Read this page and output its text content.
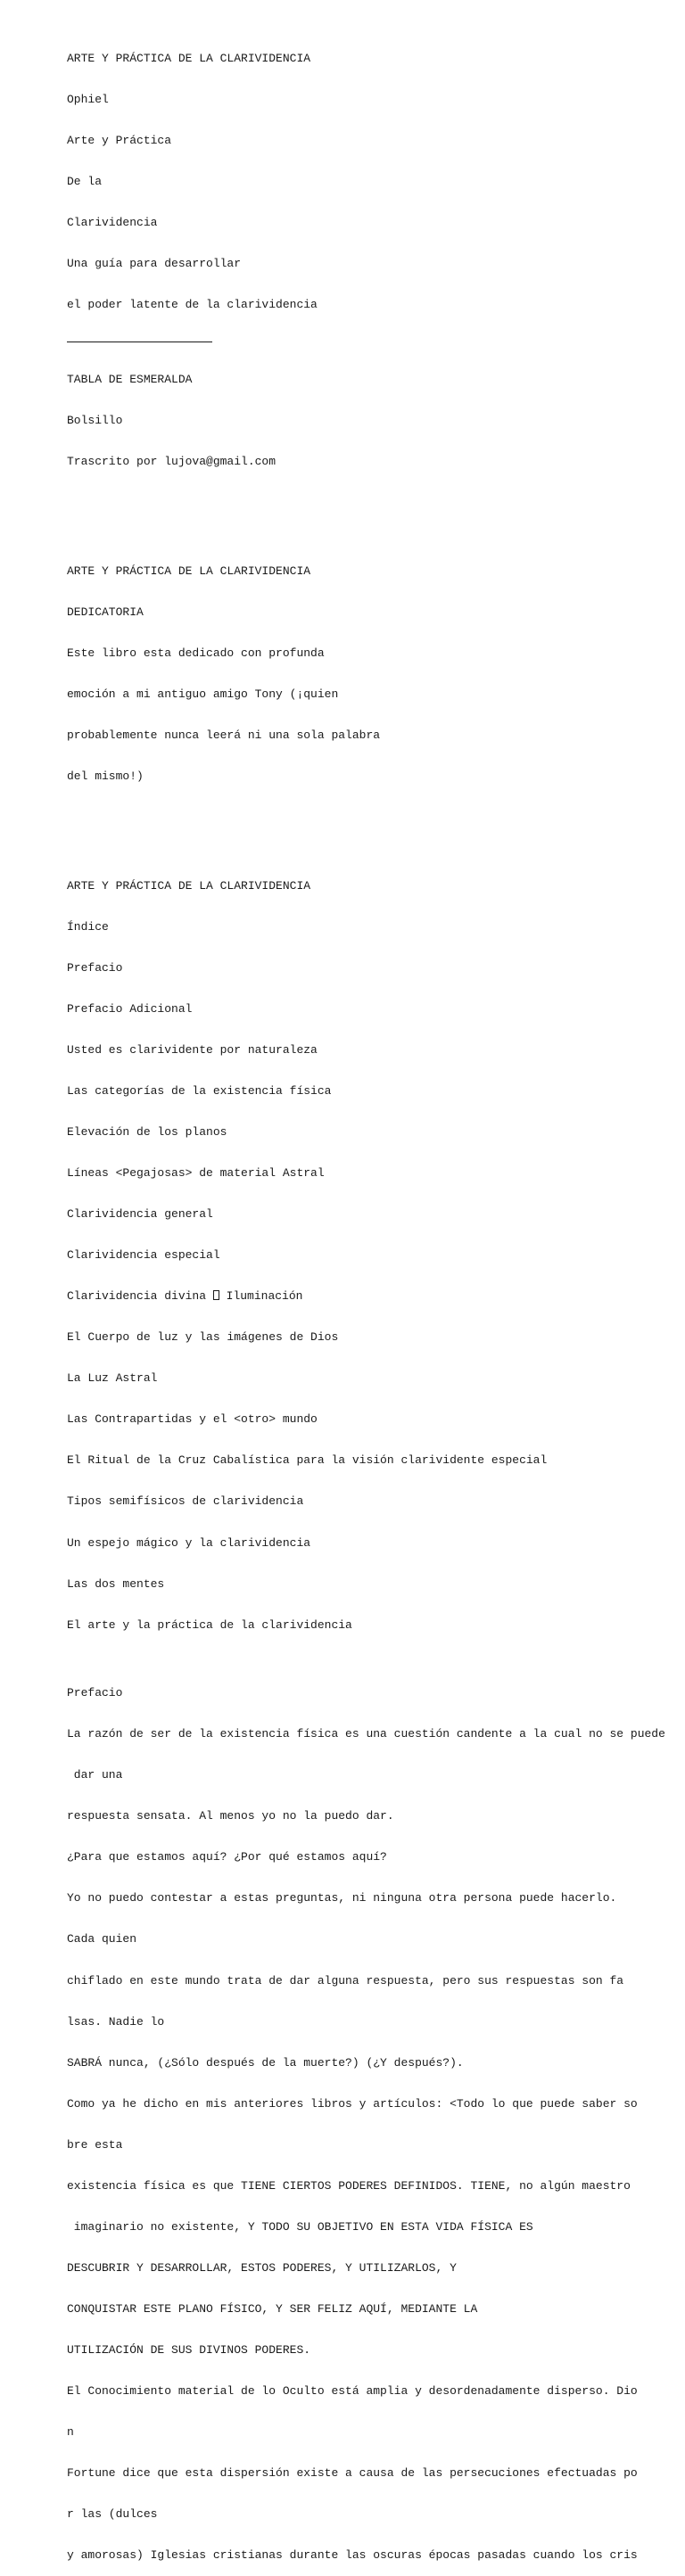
ARTE Y PRÁCTICA DE LA CLARIVIDENCIA

Ophiel

Arte y Práctica

De la

Clarividencia

Una guía para desarrollar

el poder latente de la clarividencia

TABLA DE ESMERALDA

Bolsillo

Trascrito por lujova@gmail.com

ARTE Y PRÁCTICA DE LA CLARIVIDENCIA

DEDICATORIA

Este libro esta dedicado con profunda

emoción a mi antiguo amigo Tony (¡quien

probablemente nunca leerá ni una sola palabra

del mismo!)

ARTE Y PRÁCTICA DE LA CLARIVIDENCIA

Índice

Prefacio

Prefacio Adicional

Usted es clarividente por naturaleza

Las categorías de la existencia física

Elevación de los planos

Líneas <Pegajosas> de material Astral

Clarividencia general

Clarividencia especial

Clarividencia divina  Iluminación

El Cuerpo de luz y las imágenes de Dios

La Luz Astral

Las Contrapartidas y el <otro> mundo

El Ritual de la Cruz Cabalística para la visión clarividente especial

Tipos semifísicos de clarividencia

Un espejo mágico y la clarividencia

Las dos mentes

El arte y la práctica de la clarividencia

Prefacio

La razón de ser de la existencia física es una cuestión candente a la cual no se puede

dar una

respuesta sensata. Al menos yo no la puedo dar.

¿Para que estamos aquí? ¿Por qué estamos aquí?

Yo no puedo contestar a estas preguntas, ni ninguna otra persona puede hacerlo.

Cada quien

chiflado en este mundo trata de dar alguna respuesta, pero sus respuestas son fa

lsas. Nadie lo

SABRÁ nunca, (¿Sólo después de la muerte?) (¿Y después?).

Como ya he dicho en mis anteriores libros y artículos: <Todo lo que puede saber so

bre esta

existencia física es que TIENE CIERTOS PODERES DEFINIDOS. TIENE, no algún maestro

imaginario no existente, Y TODO SU OBJETIVO EN ESTA VIDA FÍSICA ES

DESCUBRIR Y DESARROLLAR, ESTOS PODERES, Y UTILIZARLOS, Y

CONQUISTAR ESTE PLANO FÍSICO, Y SER FELIZ AQUÍ, MEDIANTE LA

UTILIZACIÓN DE SUS DIVINOS PODERES.

El Conocimiento material de lo Oculto está amplia y desordenadamente disperso. Dio

n

Fortune dice que esta dispersión existe a causa de las persecuciones efectuadas po

r las (dulces

y amorosas) Iglesias cristianas durante las oscuras épocas pasadas cuando los cris
